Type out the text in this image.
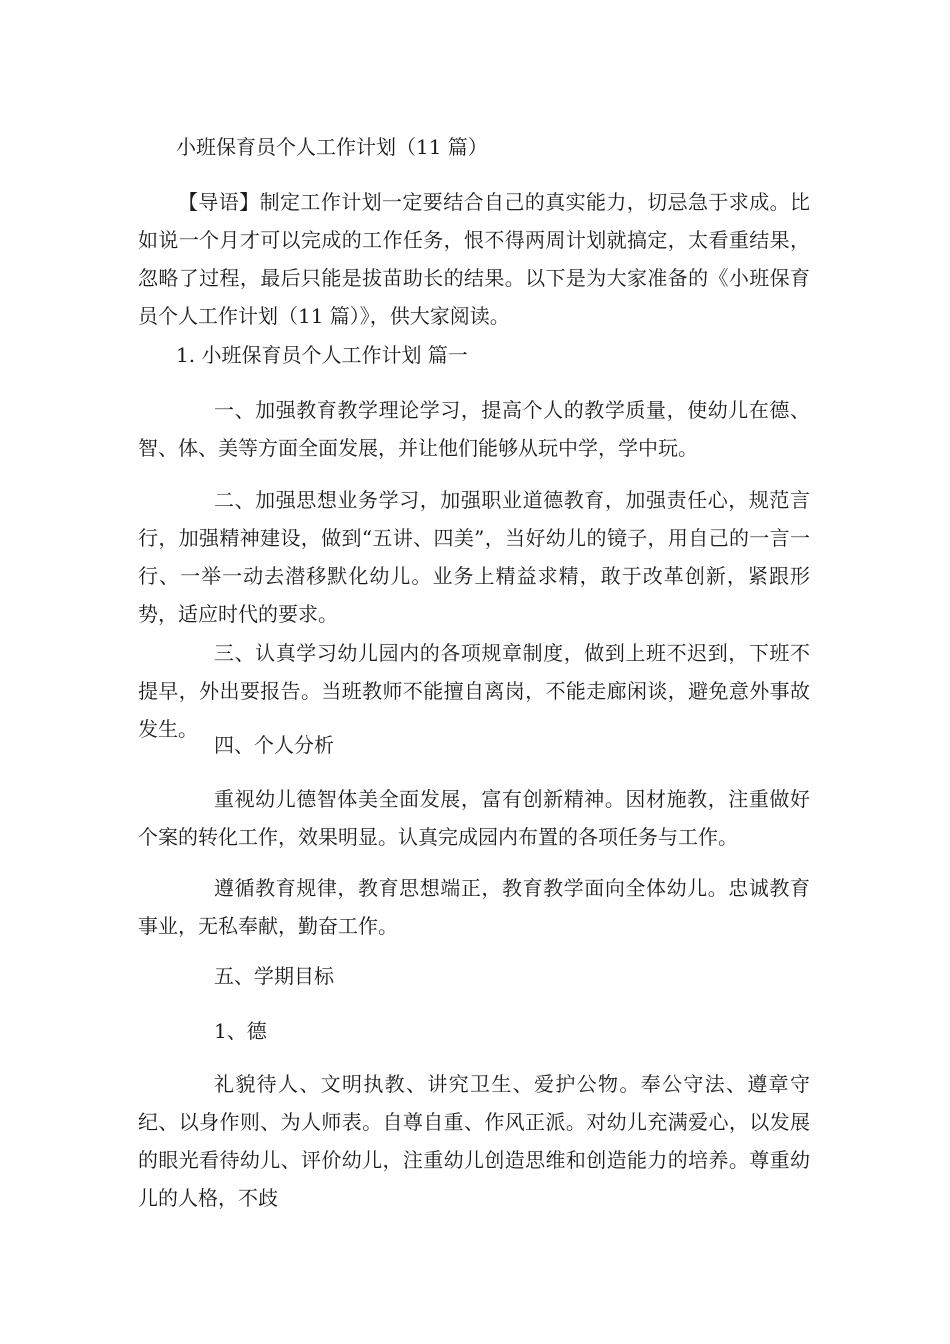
小班保育员个人工作计划（11 篇）
【导语】制定工作计划一定要结合自己的真实能力，切忌急于求成。比如说一个月才可以完成的工作任务，恨不得两周计划就搞定，太看重结果，忽略了过程，最后只能是拔苗助长的结果。以下是为大家准备的《小班保育员个人工作计划（11 篇）》，供大家阅读。
1. 小班保育员个人工作计划 篇一
一、加强教育教学理论学习，提高个人的教学质量，使幼儿在德、智、体、美等方面全面发展，并让他们能够从玩中学，学中玩。
二、加强思想业务学习，加强职业道德教育，加强责任心，规范言行，加强精神建设，做到“五讲、四美”，当好幼儿的镜子，用自己的一言一行、一举一动去潜移默化幼儿。业务上精益求精，敢于改革创新，紧跟形势，适应时代的要求。
三、认真学习幼儿园内的各项规章制度，做到上班不迟到，下班不提早，外出要报告。当班教师不能擅自离岗，不能走廊闲谈，避免意外事故发生。
四、个人分析
重视幼儿德智体美全面发展，富有创新精神。因材施教，注重做好个案的转化工作，效果明显。认真完成园内布置的各项任务与工作。
遵循教育规律，教育思想端正，教育教学面向全体幼儿。忠诚教育事业，无私奉献，勤奋工作。
五、学期目标
1、德
礼貌待人、文明执教、讲究卫生、爱护公物。奉公守法、遵章守纪、以身作则、为人师表。自尊自重、作风正派。对幼儿充满爱心，以发展的眼光看待幼儿、评价幼儿，注重幼儿创造思维和创造能力的培养。尊重幼儿的人格，不歧
